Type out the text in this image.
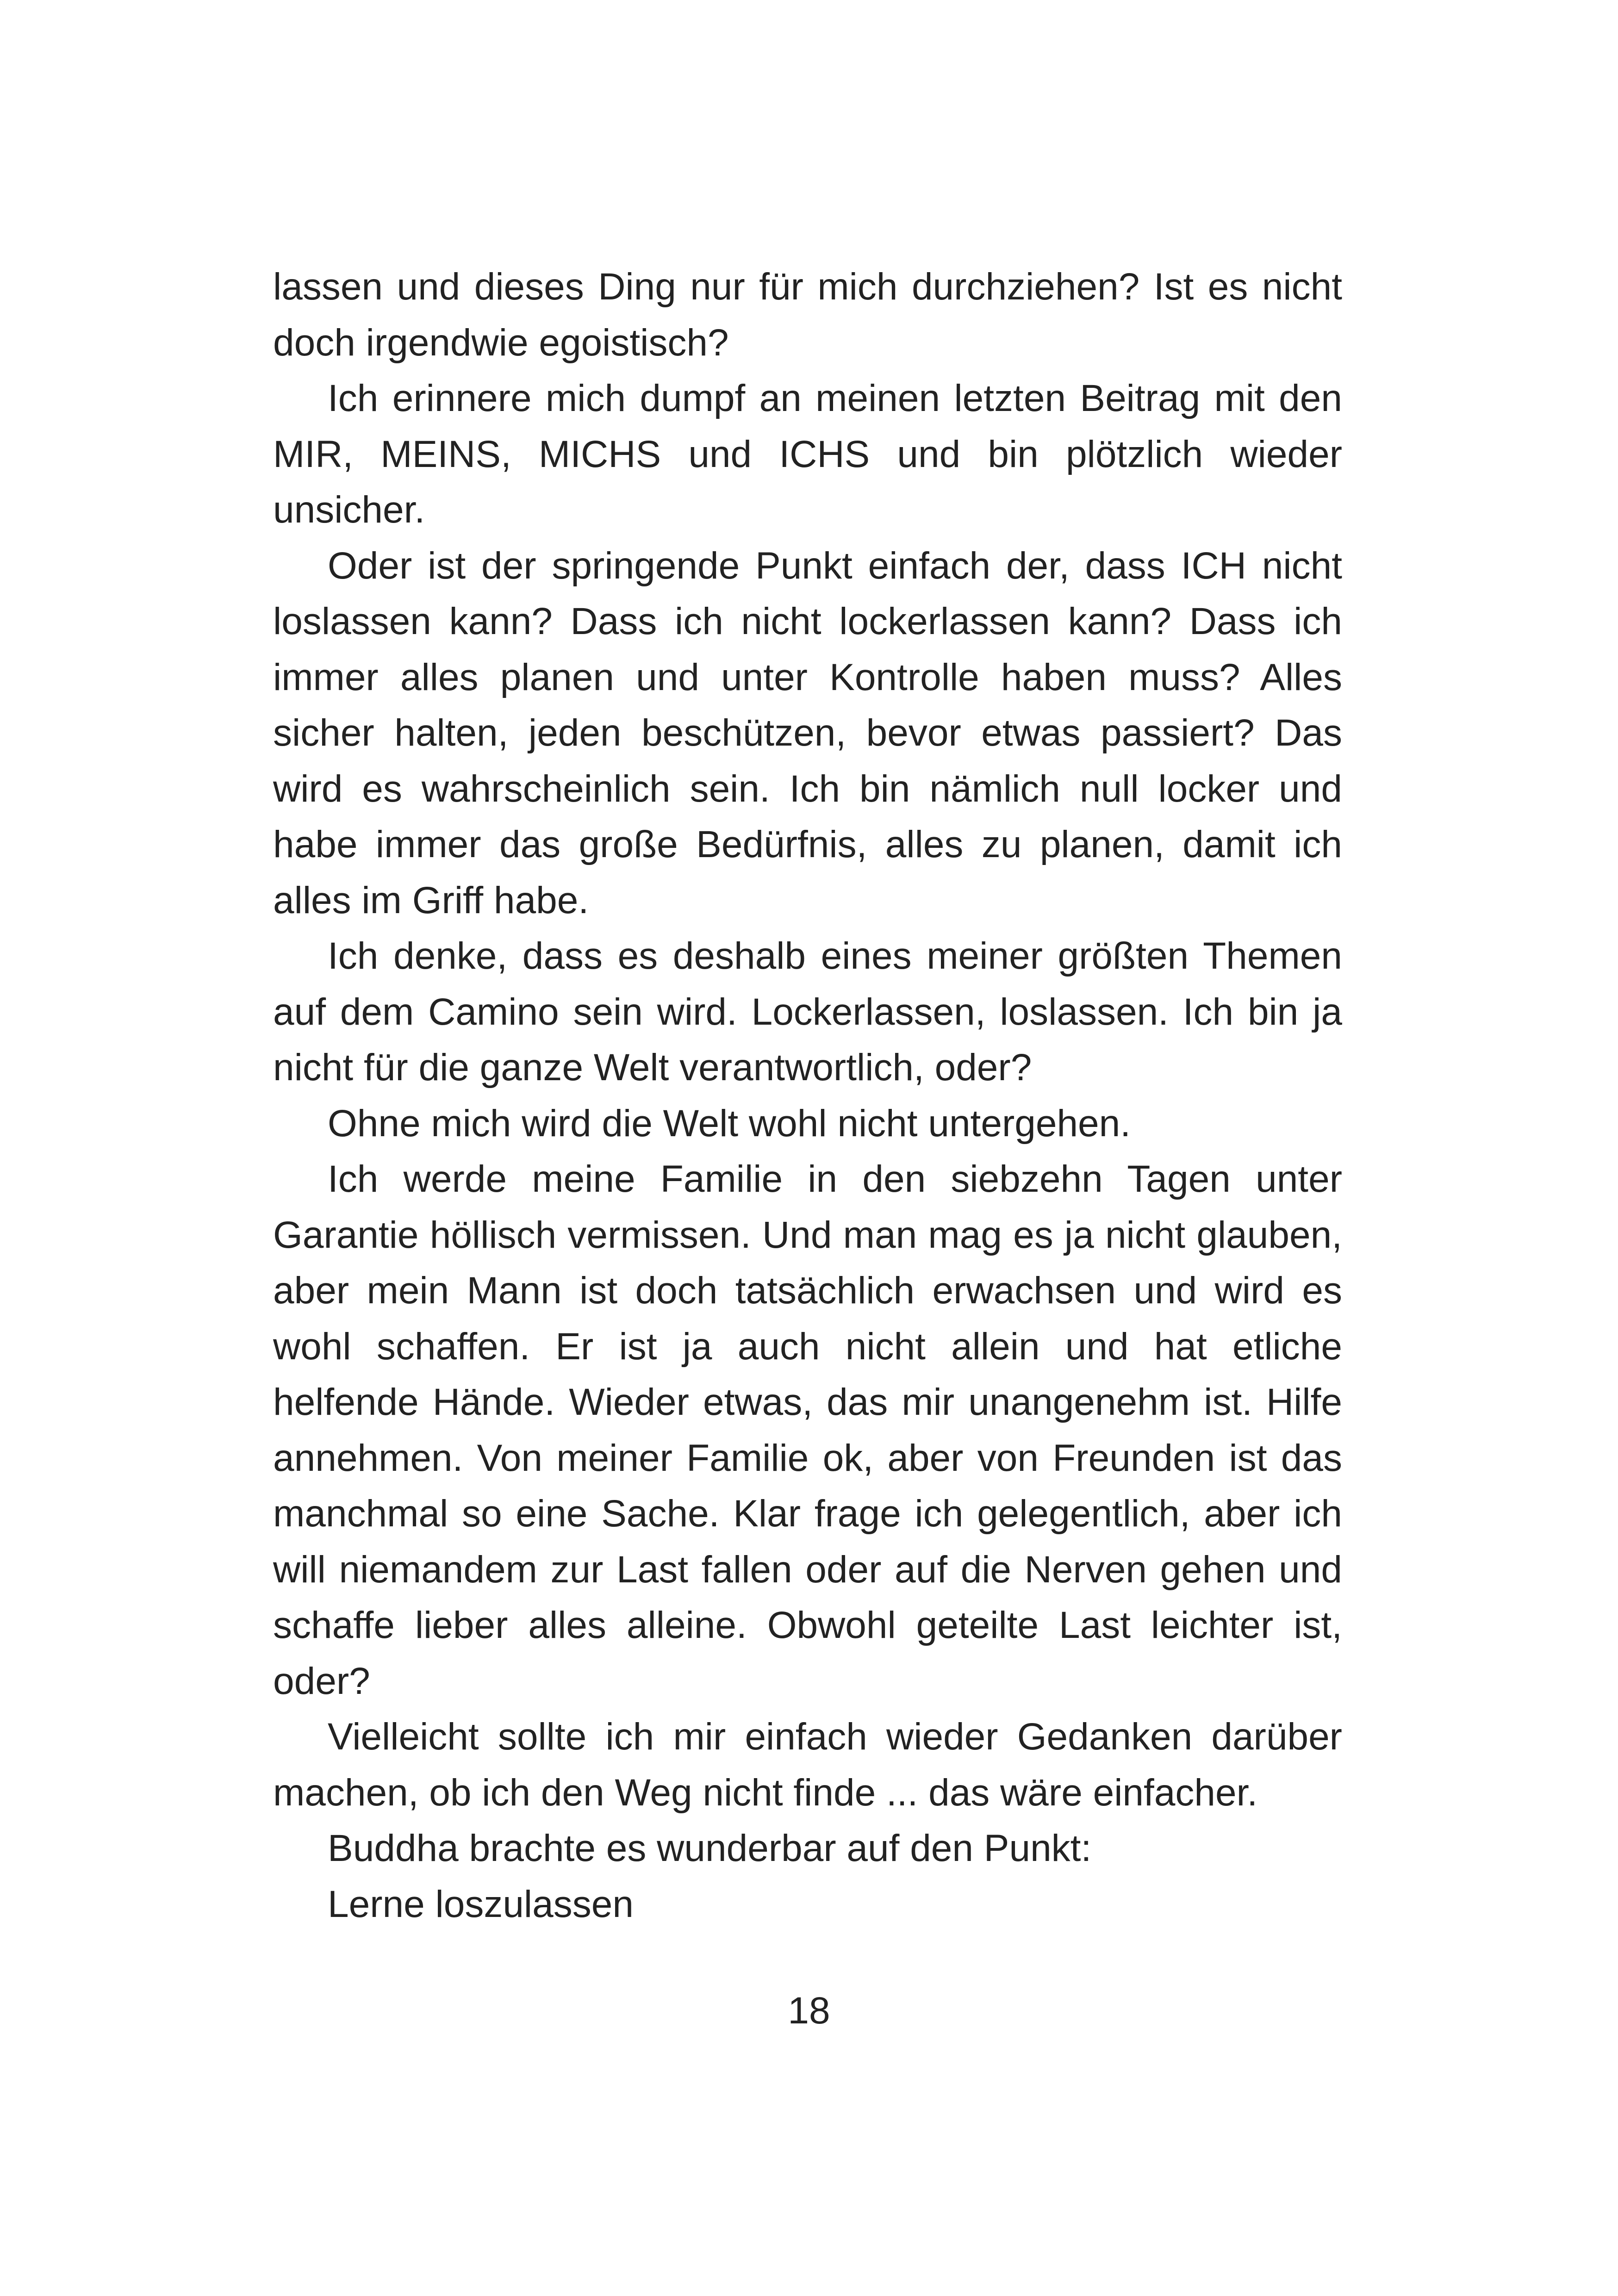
lassen und dieses Ding nur für mich durchziehen? Ist es nicht doch irgendwie egoistisch?

Ich erinnere mich dumpf an meinen letzten Beitrag mit den MIR, MEINS, MICHS und ICHS und bin plötzlich wieder unsicher.

Oder ist der springende Punkt einfach der, dass ICH nicht loslassen kann? Dass ich nicht lockerlassen kann? Dass ich immer alles planen und unter Kontrolle haben muss? Alles sicher halten, jeden beschützen, bevor etwas passiert? Das wird es wahrscheinlich sein. Ich bin nämlich null locker und habe immer das große Bedürfnis, alles zu planen, damit ich alles im Griff habe.

Ich denke, dass es deshalb eines meiner größten Themen auf dem Camino sein wird. Lockerlassen, loslassen. Ich bin ja nicht für die ganze Welt verantwortlich, oder?

Ohne mich wird die Welt wohl nicht untergehen.

Ich werde meine Familie in den siebzehn Tagen unter Garantie höllisch vermissen. Und man mag es ja nicht glauben, aber mein Mann ist doch tatsächlich erwachsen und wird es wohl schaffen. Er ist ja auch nicht allein und hat etliche helfende Hände. Wieder etwas, das mir unangenehm ist. Hilfe annehmen. Von meiner Familie ok, aber von Freunden ist das manchmal so eine Sache. Klar frage ich gelegentlich, aber ich will niemandem zur Last fallen oder auf die Nerven gehen und schaffe lieber alles alleine. Obwohl geteilte Last leichter ist, oder?

Vielleicht sollte ich mir einfach wieder Gedanken darüber machen, ob ich den Weg nicht finde ... das wäre einfacher.

Buddha brachte es wunderbar auf den Punkt:

Lerne loszulassen

18
